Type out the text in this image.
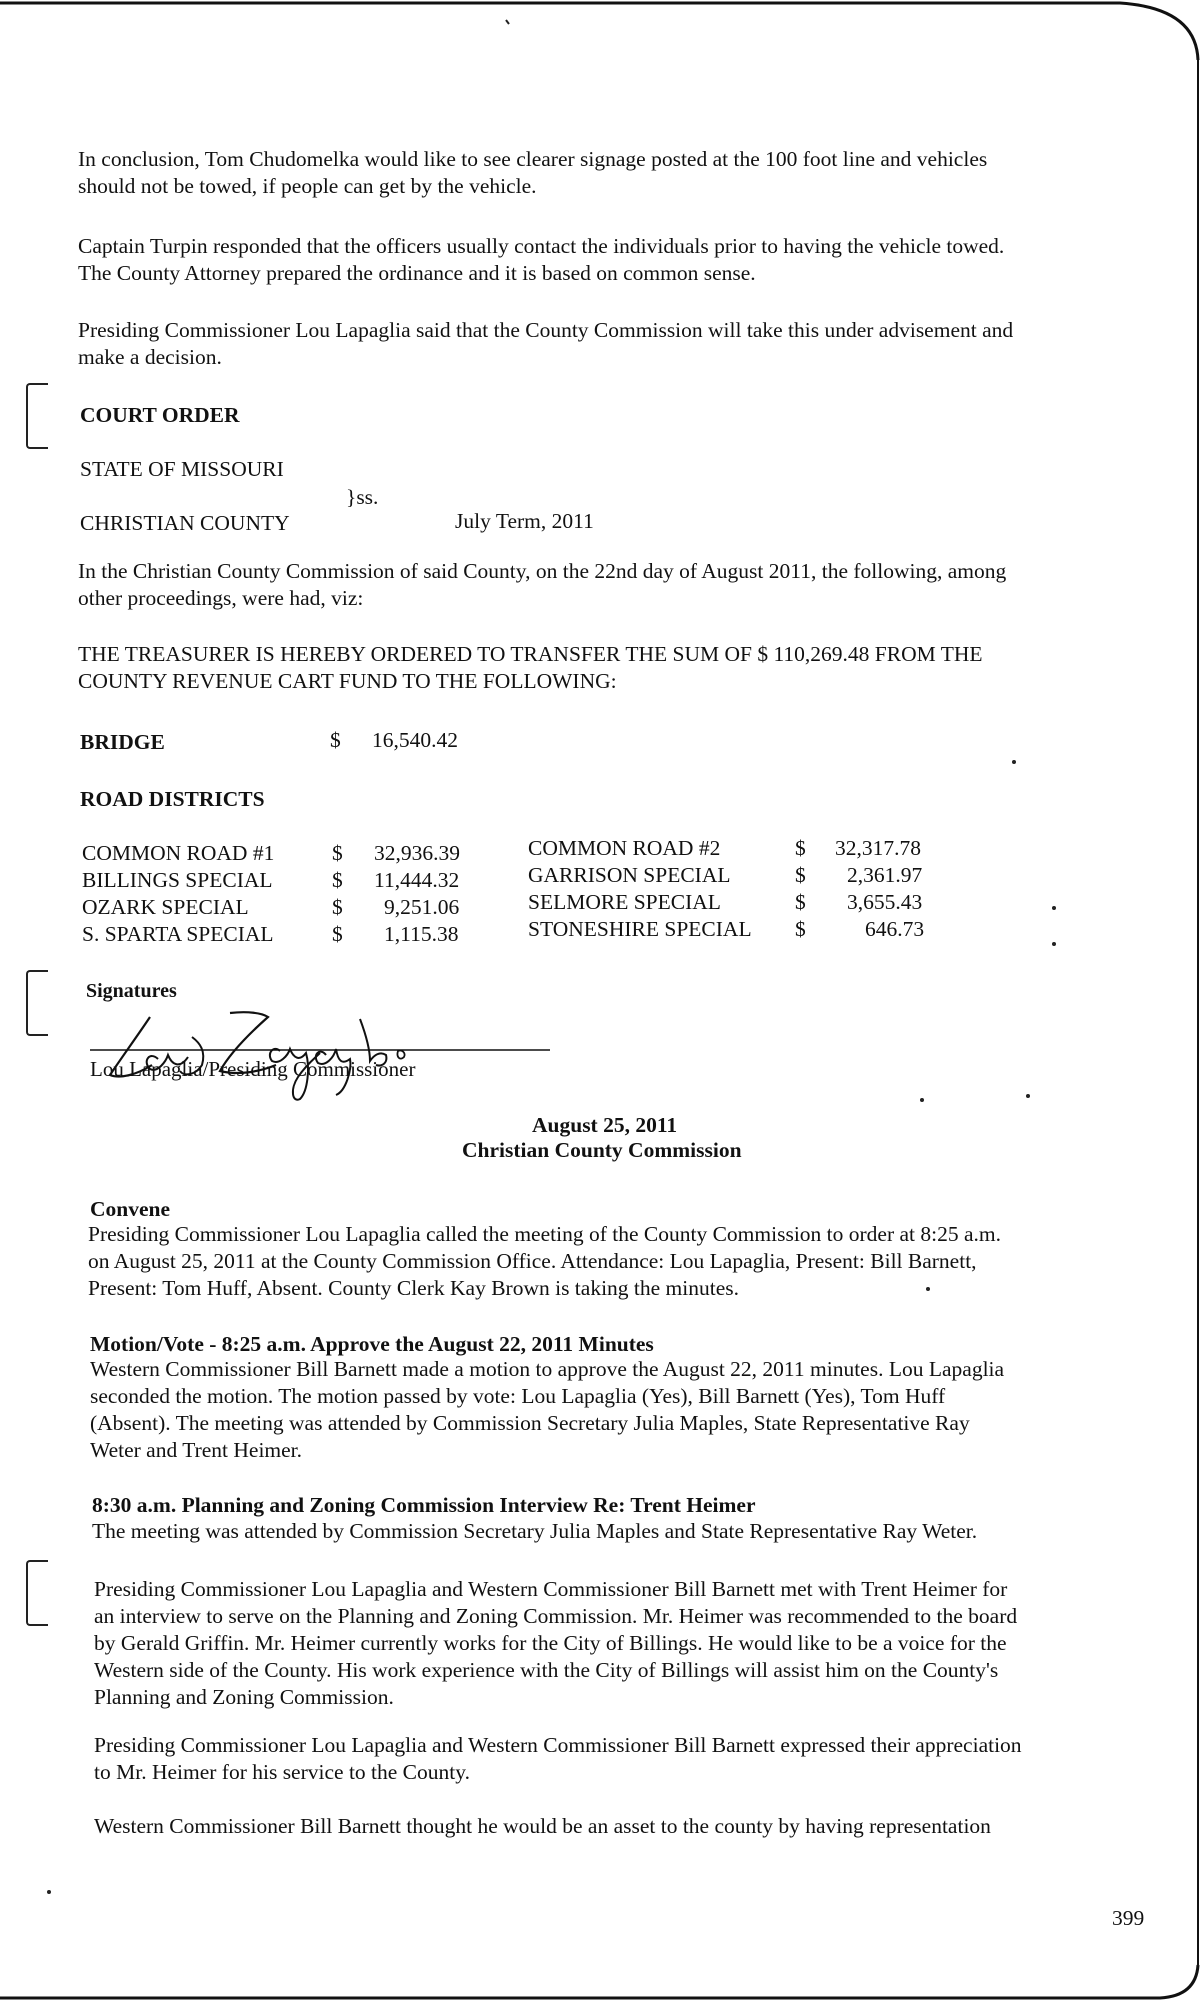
In conclusion, Tom Chudomelka would like to see clearer signage posted at the 100 foot line and vehicles
should not be towed, if people can get by the vehicle.
Captain Turpin responded that the officers usually contact the individuals prior to having the vehicle towed.
The County Attorney prepared the ordinance and it is based on common sense.
Presiding Commissioner Lou Lapaglia said that the County Commission will take this under advisement and
make a decision.
COURT ORDER
STATE OF MISSOURI
}ss.
CHRISTIAN COUNTY	July Term, 2011
In the Christian County Commission of said County, on the 22nd day of August 2011, the following, among
other proceedings, were had, viz:
THE TREASURER IS HEREBY ORDERED TO TRANSFER THE SUM OF $ 110,269.48 FROM THE
COUNTY REVENUE CART FUND TO THE FOLLOWING:
BRIDGE	$ 16,540.42
ROAD DISTRICTS
COMMON ROAD #1	$ 32,936.39
BILLINGS SPECIAL	$ 11,444.32
OZARK SPECIAL	$ 9,251.06
S. SPARTA SPECIAL	$ 1,115.38
COMMON ROAD #2	$ 32,317.78
GARRISON SPECIAL	$ 2,361.97
SELMORE SPECIAL	$ 3,655.43
STONESHIRE SPECIAL $	646.73
Signatures
Lou Lapaglia/Presiding Commissioner
August 25, 2011
Christian County Commission
Convene
Presiding Commissioner Lou Lapaglia called the meeting of the County Commission to order at 8:25 a.m.
on August 25, 2011 at the County Commission Office. Attendance: Lou Lapaglia, Present: Bill Barnett,
Present: Tom Huff, Absent. County Clerk Kay Brown is taking the minutes.
Motion/Vote - 8:25 a.m. Approve the August 22, 2011 Minutes
Western Commissioner Bill Barnett made a motion to approve the August 22, 2011 minutes. Lou Lapaglia
seconded the motion. The motion passed by vote: Lou Lapaglia (Yes), Bill Barnett (Yes), Tom Huff
(Absent). The meeting was attended by Commission Secretary Julia Maples, State Representative Ray
Weter and Trent Heimer.
8:30 a.m. Planning and Zoning Commission Interview Re: Trent Heimer
The meeting was attended by Commission Secretary Julia Maples and State Representative Ray Weter.
Presiding Commissioner Lou Lapaglia and Western Commissioner Bill Barnett met with Trent Heimer for
an interview to serve on the Planning and Zoning Commission. Mr. Heimer was recommended to the board
by Gerald Griffin. Mr. Heimer currently works for the City of Billings. He would like to be a voice for the
Western side of the County. His work experience with the City of Billings will assist him on the County's
Planning and Zoning Commission.
Presiding Commissioner Lou Lapaglia and Western Commissioner Bill Barnett expressed their appreciation
to Mr. Heimer for his service to the County.
Western Commissioner Bill Barnett thought he would be an asset to the county by having representation
399
